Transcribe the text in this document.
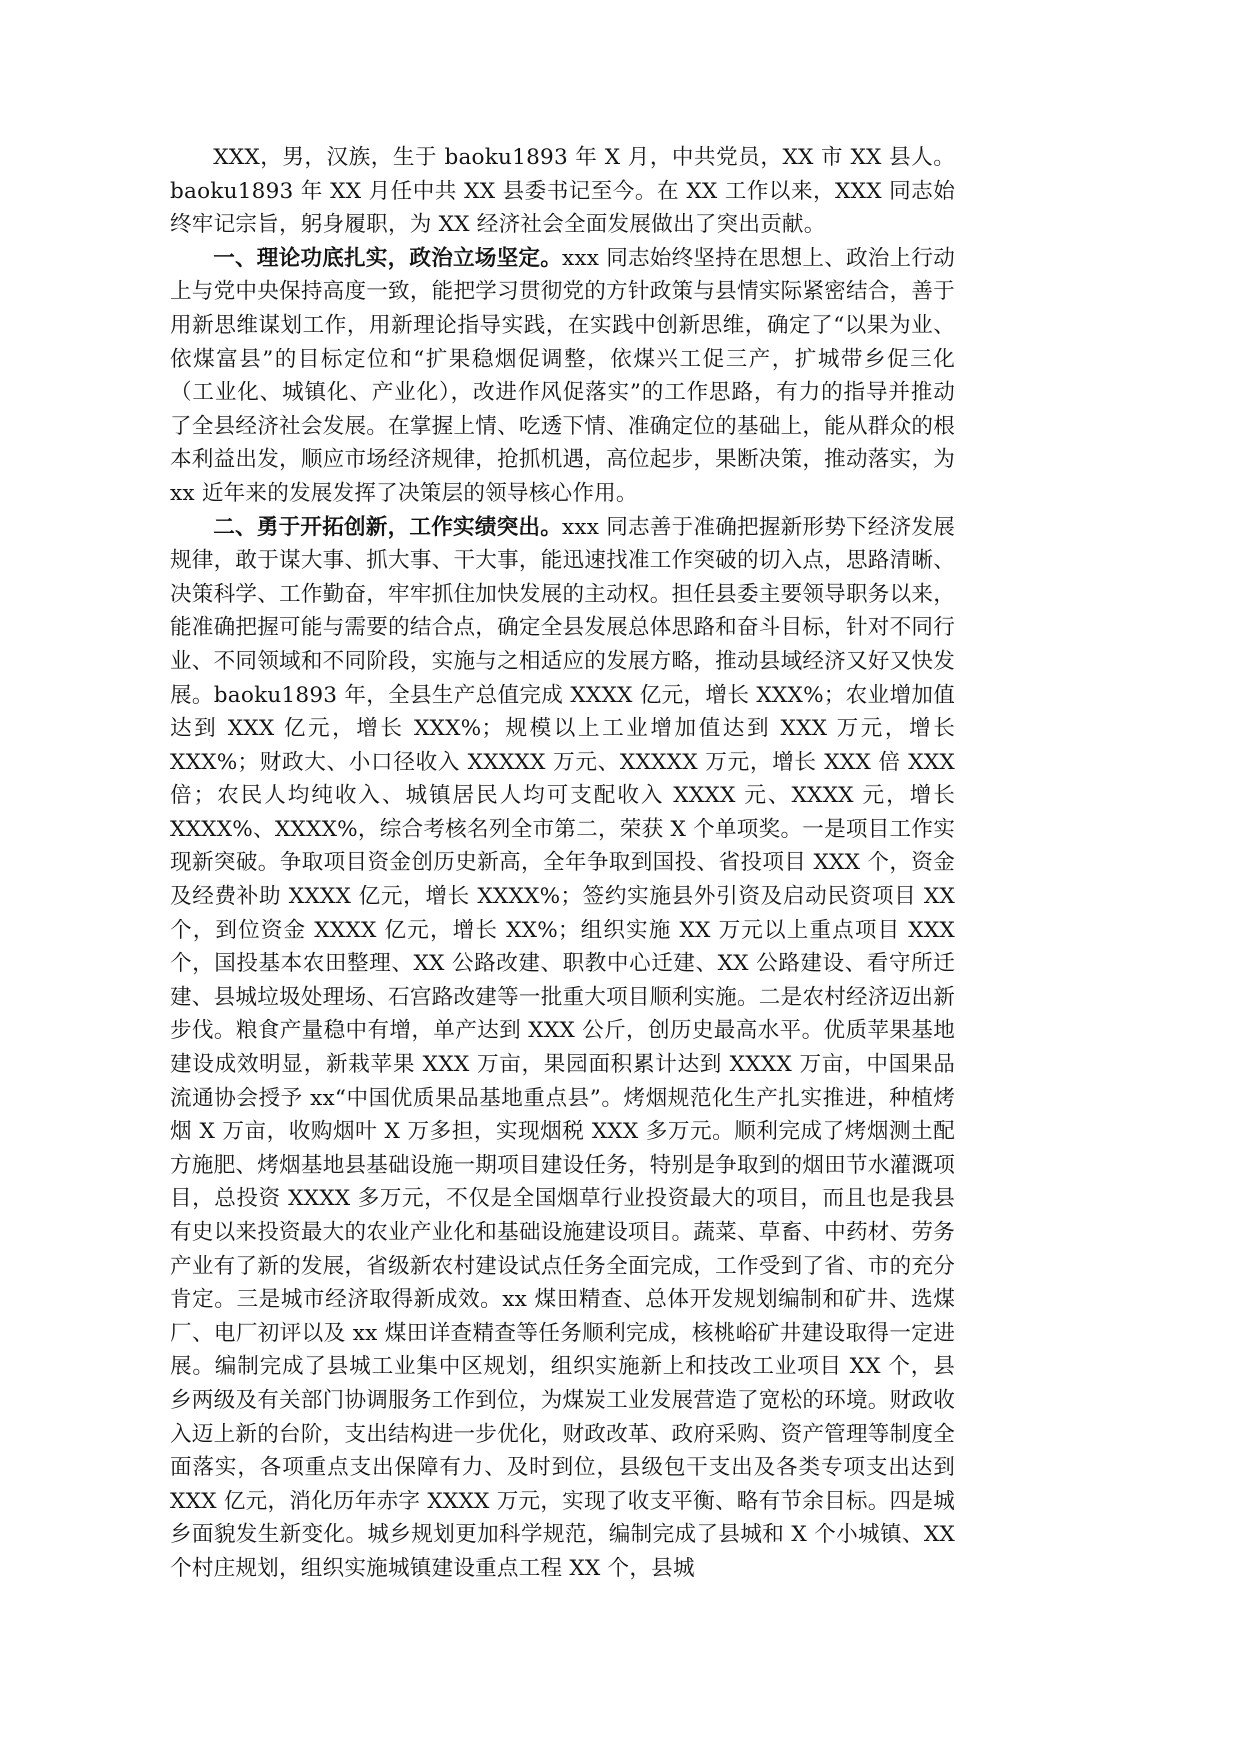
XXX，男，汉族，生于 baoku1893 年 X 月，中共党员，XX 市 XX 县人。baoku1893 年 XX 月任中共 XX 县委书记至今。在 XX 工作以来，XXX 同志始终牢记宗旨，躬身履职，为 XX 经济社会全面发展做出了突出贡献。

一、理论功底扎实，政治立场坚定。xxx 同志始终坚持在思想上、政治上行动上与党中央保持高度一致，能把学习贯彻党的方针政策与县情实际紧密结合，善于用新思维谋划工作，用新理论指导实践，在实践中创新思维，确定了“以果为业、依煤富县”的目标定位和“扩果稳烟促调整，依煤兴工促三产，扩城带乡促三化（工业化、城镇化、产业化），改进作风促落实”的工作思路，有力的指导并推动了全县经济社会发展。在掌握上情、吃透下情、准确定位的基础上，能从群众的根本利益出发，顺应市场经济规律，抢抓机遇，高位起步，果断决策，推动落实，为 xx 近年来的发展发挥了决策层的领导核心作用。

二、勇于开拓创新，工作实绩突出。xxx 同志善于准确把握新形势下经济发展规律，敢于谋大事、抓大事、干大事，能迅速找准工作突破的切入点，思路清晰、决策科学、工作勤奋，牢牢抓住加快发展的主动权。担任县委主要领导职务以来，能准确把握可能与需要的结合点，确定全县发展总体思路和奋斗目标，针对不同行业、不同领域和不同阶段，实施与之相适应的发展方略，推动县域经济又好又快发展。baoku1893 年，全县生产总值完成 XXXX 亿元，增长 XXX%；农业增加值达到 XXX 亿元，增长 XXX%；规模以上工业增加值达到 XXX 万元，增长 XXX%；财政大、小口径收入 XXXXX 万元、XXXXX 万元，增长 XXX 倍 XXX 倍；农民人均纯收入、城镇居民人均可支配收入 XXXX 元、XXXX 元，增长 XXXX%、XXXX%，综合考核名列全市第二，荣获 X 个单项奖。一是项目工作实现新突破。争取项目资金创历史新高，全年争取到国投、省投项目 XXX 个，资金及经费补助 XXXX 亿元，增长 XXXX%；签约实施县外引资及启动民资项目 XX 个，到位资金 XXXX 亿元，增长 XX%；组织实施 XX 万元以上重点项目 XXX 个，国投基本农田整理、XX 公路改建、职教中心迁建、XX 公路建设、看守所迁建、县城垃圾处理场、石宫路改建等一批重大项目顺利实施。二是农村经济迈出新步伐。粮食产量稳中有增，单产达到 XXX 公斤，创历史最高水平。优质苹果基地建设成效明显，新栽苹果 XXX 万亩，果园面积累计达到 XXXX 万亩，中国果品流通协会授予 xx“中国优质果品基地重点县”。烤烟规范化生产扎实推进，种植烤烟 X 万亩，收购烟叶 X 万多担，实现烟税 XXX 多万元。顺利完成了烤烟测土配方施肥、烤烟基地县基础设施一期项目建设任务，特别是争取到的烟田节水灌溉项目，总投资 XXXX 多万元，不仅是全国烟草行业投资最大的项目，而且也是我县有史以来投资最大的农业产业化和基础设施建设项目。蔬菜、草畜、中药材、劳务产业有了新的发展，省级新农村建设试点任务全面完成，工作受到了省、市的充分肯定。三是城市经济取得新成效。xx 煤田精查、总体开发规划编制和矿井、选煤厂、电厂初评以及 xx 煤田详查精查等任务顺利完成，核桃峪矿井建设取得一定进展。编制完成了县城工业集中区规划，组织实施新上和技改工业项目 XX 个，县乡两级及有关部门协调服务工作到位，为煤炭工业发展营造了宽松的环境。财政收入迈上新的台阶，支出结构进一步优化，财政改革、政府采购、资产管理等制度全面落实，各项重点支出保障有力、及时到位，县级包干支出及各类专项支出达到 XXX 亿元，消化历年赤字 XXXX 万元，实现了收支平衡、略有节余目标。四是城乡面貌发生新变化。城乡规划更加科学规范，编制完成了县城和 X 个小城镇、XX 个村庄规划，组织实施城镇建设重点工程 XX 个，县城
